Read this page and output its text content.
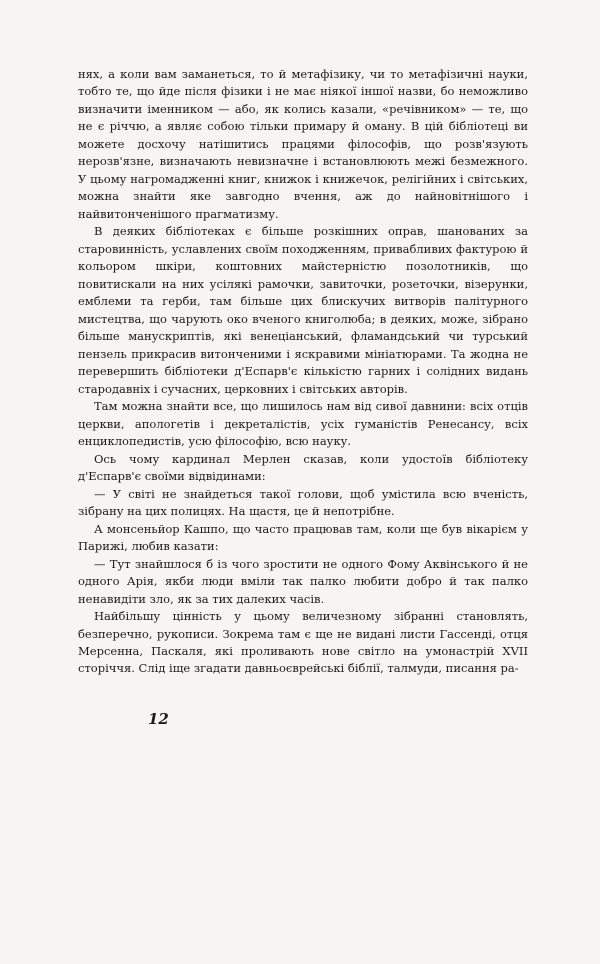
нях, а коли вам заманеться, то й метафізику, чи то метафізичні науки, тобто те, що йде після фізики і не має ніякої іншої назви, бо неможливо визначити іменником — або, як колись казали, «речівником» — те, що не є річчю, а являє собою тільки примару й оману. В цій бібліотеці ви можете досхочу натішитись працями філософів, що розв'язують нерозв'язне, визначають невизначне і встановлюють межі безмежного. У цьому нагромадженні книг, книжок і книжечок, релігійних і світських, можна знайти яке завгодно вчення, аж до найновітнішого і найвитонченішого прагматизму.

В деяких бібліотеках є більше розкішних оправ, шанованих за старовинність, уславлених своїм походженням, привабливих фактурою й кольором шкіри, коштовних майстерністю позолотників, що повитискали на них усілякі рамочки, завиточки, розеточки, візерунки, емблеми та герби, там більше цих блискучих витворів палітурного мистецтва, що чарують око вченого книголюба; в деяких, може, зібрано більше манускриптів, які венеціанський, фламандський чи турський пензель прикрасив витонченими і яскравими мініатюрами. Та жодна не перевершить бібліотеки д'Еспарв'є кількістю гарних і солідних видань стародавніх і сучасних, церковних і світських авторів.

Там можна знайти все, що лишилось нам від сивої давнини: всіх отців церкви, апологетів і декреталістів, усіх гуманістів Ренесансу, всіх енциклопедистів, усю філософію, всю науку.

Ось чому кардинал Мерлен сказав, коли удостоїв бібліотеку д'Еспарв'є своїми відвідинами:

— У світі не знайдеться такої голови, щоб умістила всю вченість, зібрану на цих полицях. На щастя, це й непотрібне.

А монсеньйор Кашпо, що часто працював там, коли ще був вікарієм у Парижі, любив казати:

— Тут знайшлося б із чого зростити не одного Фому Аквінського й не одного Арія, якби люди вміли так палко любити добро й так палко ненавидіти зло, як за тих далеких часів.

Найбільшу цінність у цьому величезному зібранні становлять, безперечно, рукописи. Зокрема там є ще не видані листи Гассенді, отця Мерсенна, Паскаля, які проливають нове світло на умонастрій XVII сторіччя. Слід іще згадати давньоєврейські біблії, талмуди, писання ра-

12
